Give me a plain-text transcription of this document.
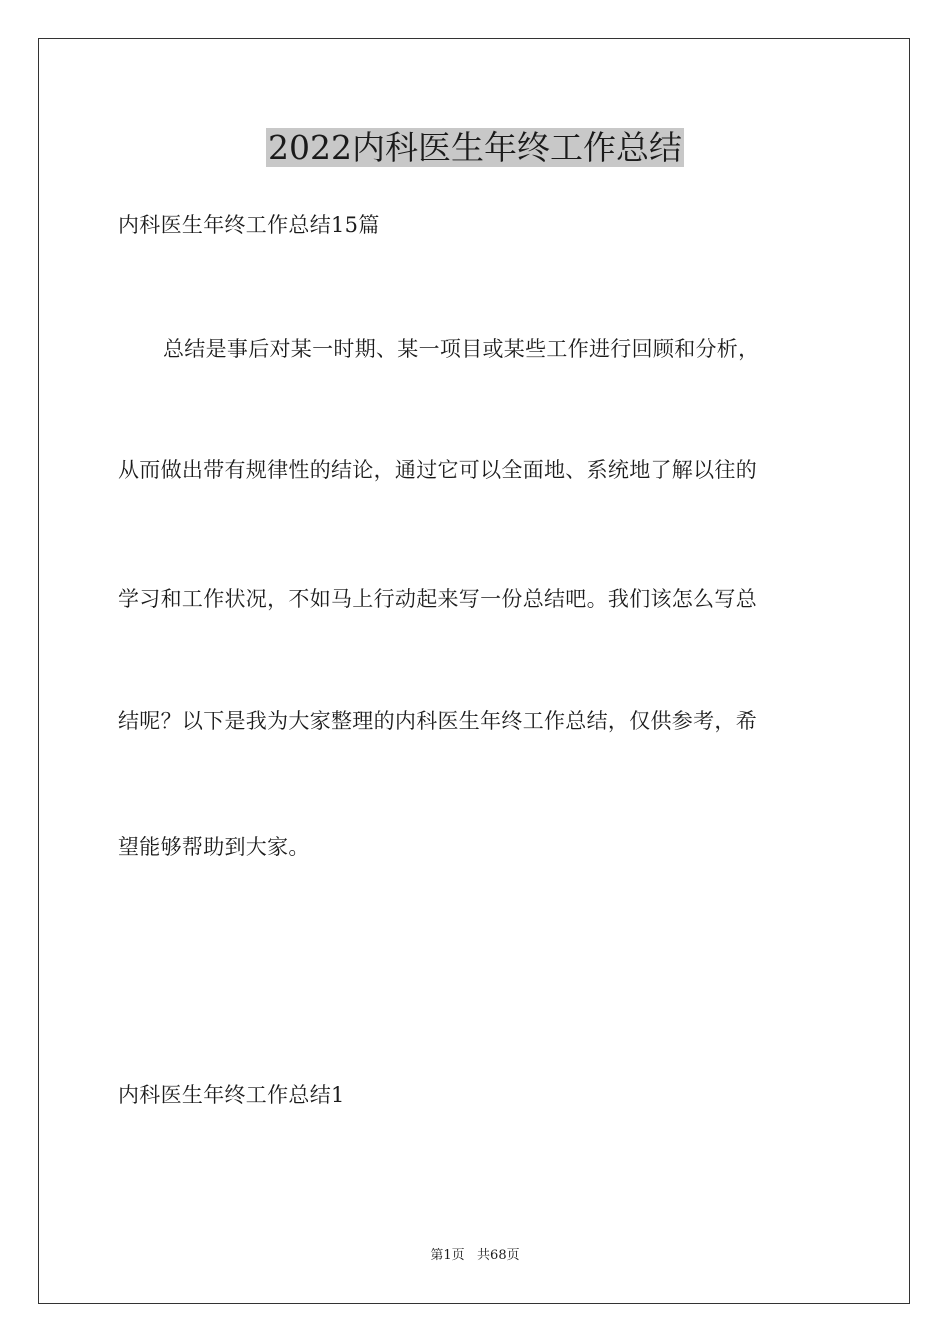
2022内科医生年终工作总结
内科医生年终工作总结15篇
总结是事后对某一时期、某一项目或某些工作进行回顾和分析，
从而做出带有规律性的结论，通过它可以全面地、系统地了解以往的
学习和工作状况，不如马上行动起来写一份总结吧。我们该怎么写总
结呢？以下是我为大家整理的内科医生年终工作总结，仅供参考，希
望能够帮助到大家。
内科医生年终工作总结1
第1页   共68页
